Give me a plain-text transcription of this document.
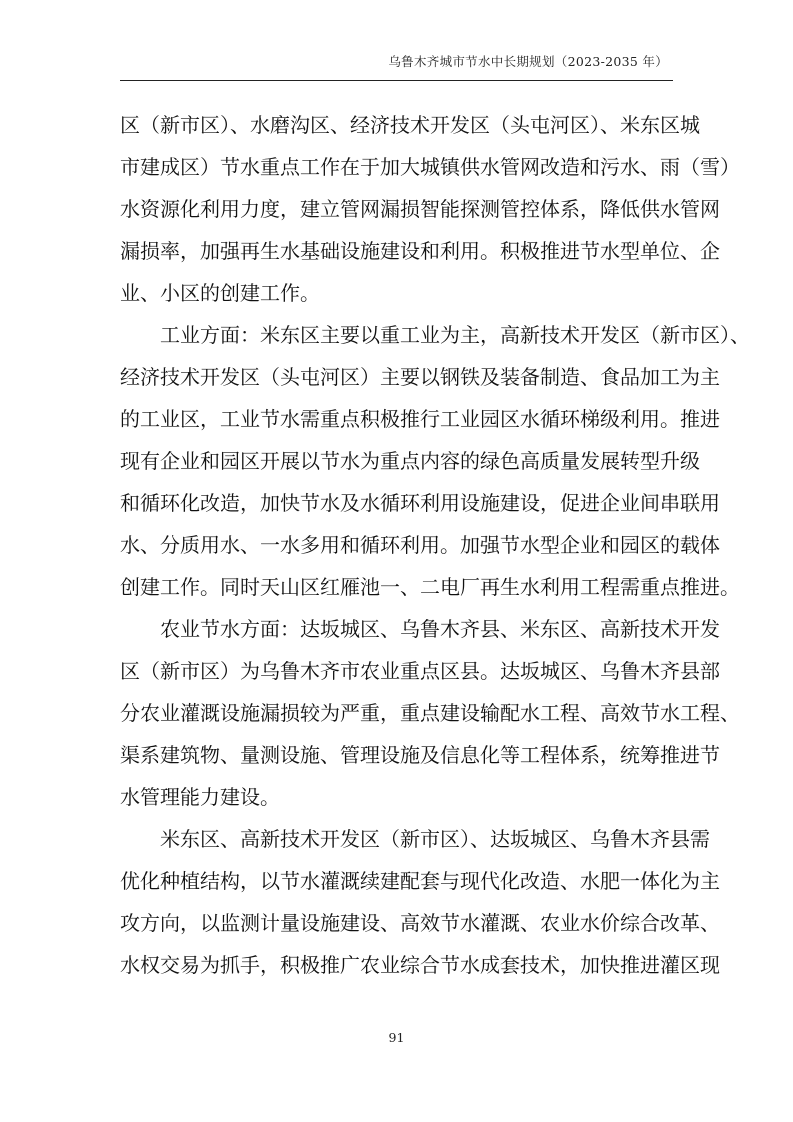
乌鲁木齐城市节水中长期规划（2023-2035 年）
区（新市区）、水磨沟区、经济技术开发区（头屯河区）、米东区城
市建成区）节水重点工作在于加大城镇供水管网改造和污水、雨（雪）
水资源化利用力度，建立管网漏损智能探测管控体系，降低供水管网
漏损率，加强再生水基础设施建设和利用。积极推进节水型单位、企
业、小区的创建工作。
工业方面：米东区主要以重工业为主，高新技术开发区（新市区）、
经济技术开发区（头屯河区）主要以钢铁及装备制造、食品加工为主
的工业区，工业节水需重点积极推行工业园区水循环梯级利用。推进
现有企业和园区开展以节水为重点内容的绿色高质量发展转型升级
和循环化改造，加快节水及水循环利用设施建设，促进企业间串联用
水、分质用水、一水多用和循环利用。加强节水型企业和园区的载体
创建工作。同时天山区红雁池一、二电厂再生水利用工程需重点推进。
农业节水方面：达坂城区、乌鲁木齐县、米东区、高新技术开发
区（新市区）为乌鲁木齐市农业重点区县。达坂城区、乌鲁木齐县部
分农业灌溉设施漏损较为严重，重点建设输配水工程、高效节水工程、
渠系建筑物、量测设施、管理设施及信息化等工程体系，统筹推进节
水管理能力建设。
米东区、高新技术开发区（新市区）、达坂城区、乌鲁木齐县需
优化种植结构，以节水灌溉续建配套与现代化改造、水肥一体化为主
攻方向，以监测计量设施建设、高效节水灌溉、农业水价综合改革、
水权交易为抓手，积极推广农业综合节水成套技术，加快推进灌区现
91
